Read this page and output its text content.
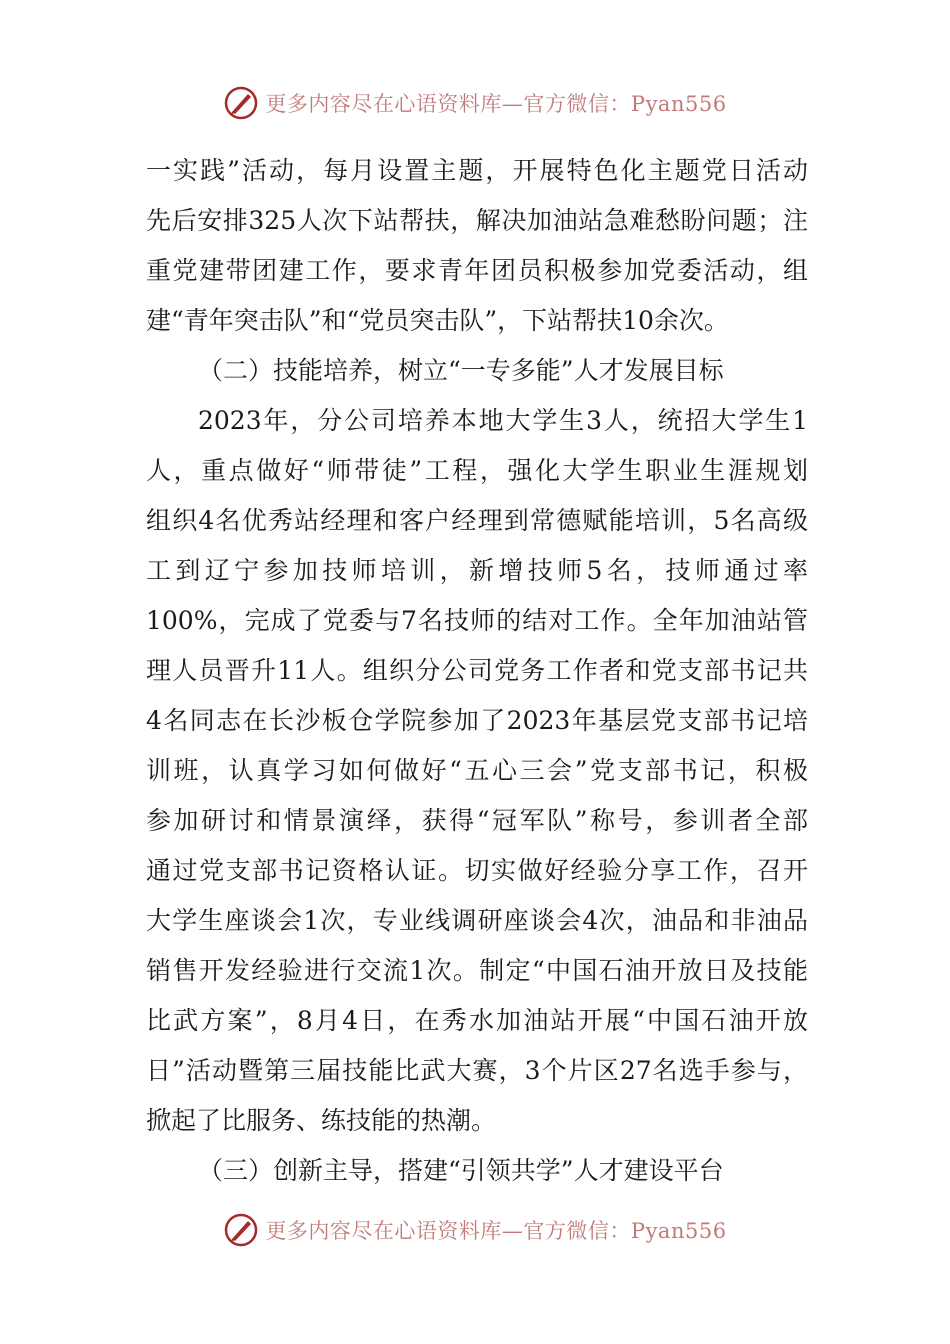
更多内容尽在心语资料库—官方微信：Pyan556
一实践”活动，每月设置主题，开展特色化主题党日活动
先后安排325人次下站帮扶，解决加油站急难愁盼问题；注
重党建带团建工作，要求青年团员积极参加党委活动，组
建“青年突击队”和“党员突击队”，下站帮扶10余次。
（二）技能培养，树立“一专多能”人才发展目标
2023年，分公司培养本地大学生3人，统招大学生1
人，重点做好“师带徒”工程，强化大学生职业生涯规划
组织4名优秀站经理和客户经理到常德赋能培训，5名高级
工到辽宁参加技师培训，新增技师5名，技师通过率
100%，完成了党委与7名技师的结对工作。全年加油站管
理人员晋升11人。组织分公司党务工作者和党支部书记共
4名同志在长沙板仓学院参加了2023年基层党支部书记培
训班，认真学习如何做好“五心三会”党支部书记，积极
参加研讨和情景演绎，获得“冠军队”称号，参训者全部
通过党支部书记资格认证。切实做好经验分享工作，召开
大学生座谈会1次，专业线调研座谈会4次，油品和非油品
销售开发经验进行交流1次。制定“中国石油开放日及技能
比武方案”，8月4日，在秀水加油站开展“中国石油开放
日”活动暨第三届技能比武大赛，3个片区27名选手参与，
掀起了比服务、练技能的热潮。
（三）创新主导，搭建“引领共学”人才建设平台
更多内容尽在心语资料库—官方微信：Pyan556
